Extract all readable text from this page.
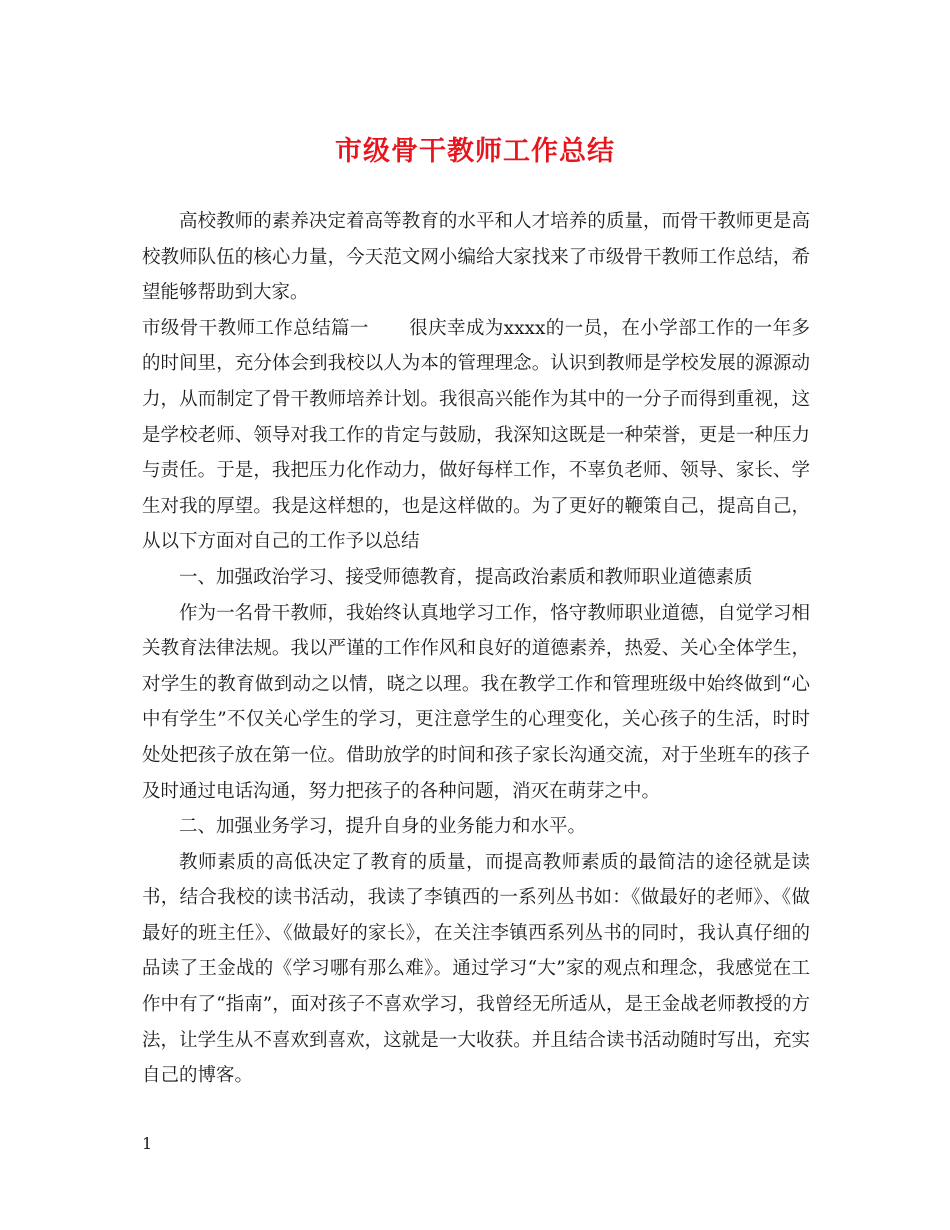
市级骨干教师工作总结

高校教师的素养决定着高等教育的水平和人才培养的质量，而骨干教师更是高校教师队伍的核心力量，今天范文网小编给大家找来了市级骨干教师工作总结，希望能够帮助到大家。

市级骨干教师工作总结篇一 很庆幸成为xxxx的一员，在小学部工作的一年多的时间里，充分体会到我校以人为本的管理理念。认识到教师是学校发展的源源动力，从而制定了骨干教师培养计划。我很高兴能作为其中的一分子而得到重视，这是学校老师、领导对我工作的肯定与鼓励，我深知这既是一种荣誉，更是一种压力与责任。于是，我把压力化作动力，做好每样工作，不辜负老师、领导、家长、学生对我的厚望。我是这样想的，也是这样做的。为了更好的鞭策自己，提高自己，从以下方面对自己的工作予以总结

一、加强政治学习、接受师德教育，提高政治素质和教师职业道德素质

作为一名骨干教师，我始终认真地学习工作，恪守教师职业道德，自觉学习相关教育法律法规。我以严谨的工作作风和良好的道德素养，热爱、关心全体学生，对学生的教育做到动之以情，晓之以理。我在教学工作和管理班级中始终做到“心中有学生”不仅关心学生的学习，更注意学生的心理变化，关心孩子的生活，时时处处把孩子放在第一位。借助放学的时间和孩子家长沟通交流，对于坐班车的孩子及时通过电话沟通，努力把孩子的各种问题，消灭在萌芽之中。

二、加强业务学习，提升自身的业务能力和水平。

教师素质的高低决定了教育的质量，而提高教师素质的最简洁的途径就是读书，结合我校的读书活动，我读了李镇西的一系列丛书如：《做最好的老师》、《做最好的班主任》、《做最好的家长》，在关注李镇西系列丛书的同时，我认真仔细的品读了王金战的《学习哪有那么难》。通过学习“大”家的观点和理念，我感觉在工作中有了“指南”，面对孩子不喜欢学习，我曾经无所适从，是王金战老师教授的方法，让学生从不喜欢到喜欢，这就是一大收获。并且结合读书活动随时写出，充实自己的博客。

1
